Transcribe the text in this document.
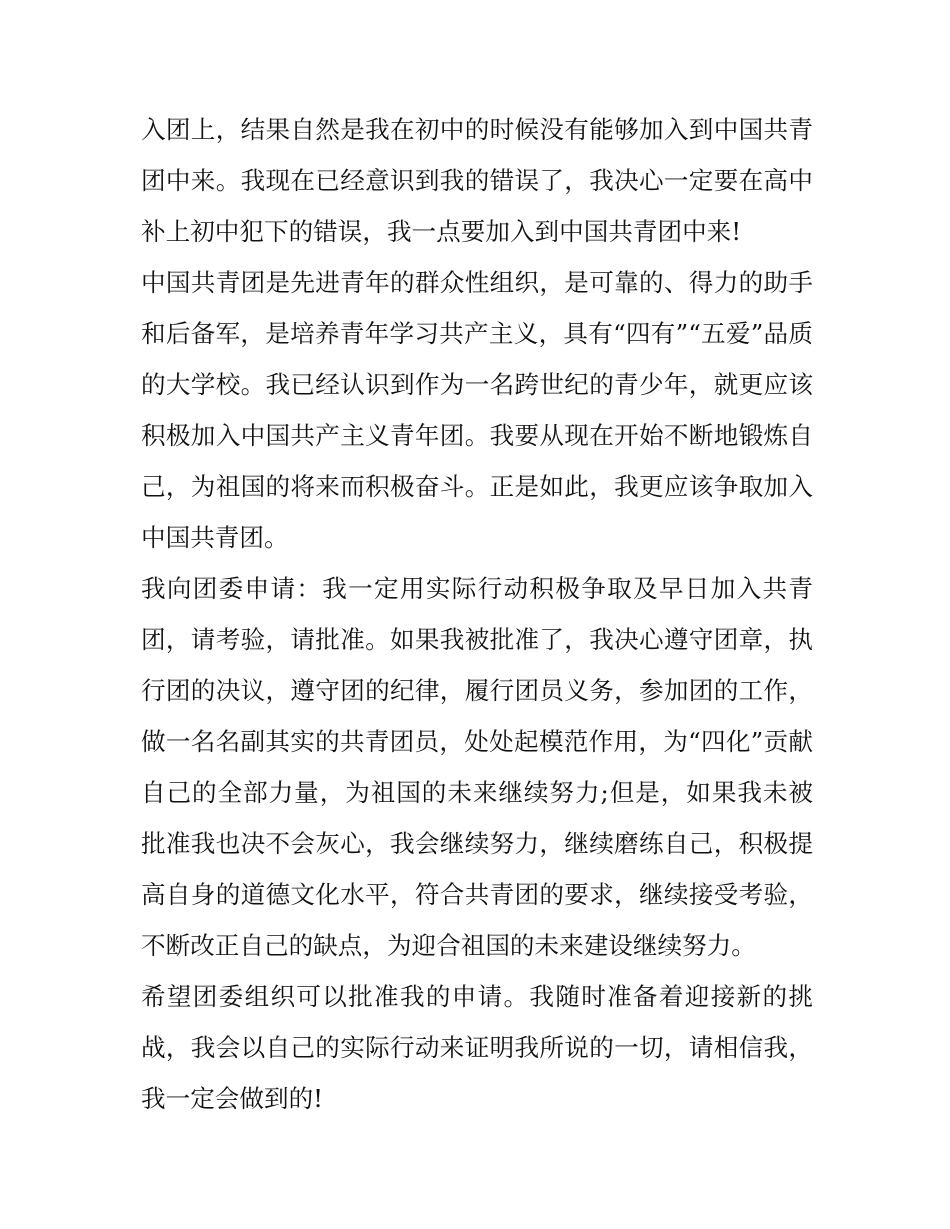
入团上，结果自然是我在初中的时候没有能够加入到中国共青团中来。我现在已经意识到我的错误了，我决心一定要在高中补上初中犯下的错误，我一点要加入到中国共青团中来!

中国共青团是先进青年的群众性组织，是可靠的、得力的助手和后备军，是培养青年学习共产主义，具有“四有”“五爱”品质的大学校。我已经认识到作为一名跨世纪的青少年，就更应该积极加入中国共产主义青年团。我要从现在开始不断地锻炼自己，为祖国的将来而积极奋斗。正是如此，我更应该争取加入中国共青团。

我向团委申请：我一定用实际行动积极争取及早日加入共青团，请考验，请批准。如果我被批准了，我决心遵守团章，执行团的决议，遵守团的纪律，履行团员义务，参加团的工作，做一名名副其实的共青团员，处处起模范作用，为“四化”贡献自己的全部力量，为祖国的未来继续努力;但是，如果我未被批准我也决不会灰心，我会继续努力，继续磨练自己，积极提高自身的道德文化水平，符合共青团的要求，继续接受考验，不断改正自己的缺点，为迎合祖国的未来建设继续努力。

希望团委组织可以批准我的申请。我随时准备着迎接新的挑战，我会以自己的实际行动来证明我所说的一切，请相信我，我一定会做到的!
